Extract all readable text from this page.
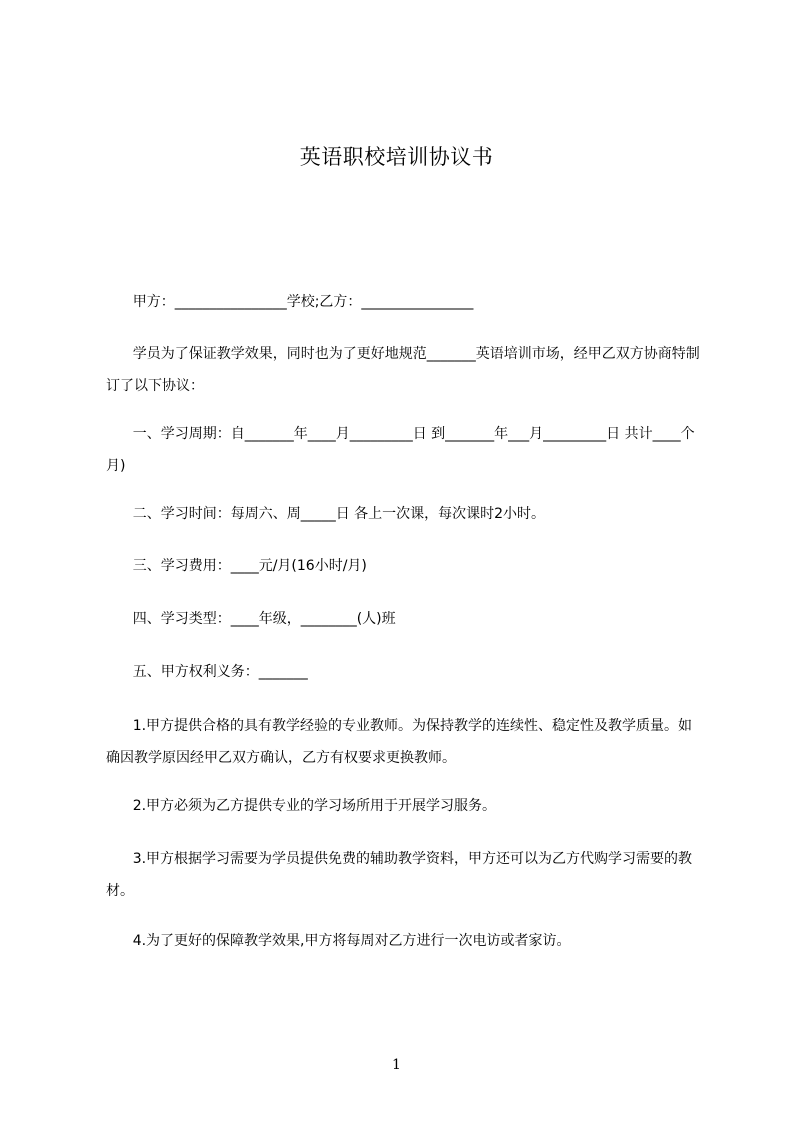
英语职校培训协议书
甲方：________________学校;乙方：________________
学员为了保证教学效果，同时也为了更好地规范_______英语培训市场，经甲乙双方协商特制订了以下协议：
一、学习周期：自_______年____月_________日 到_______年___月_________日 共计____个月)
二、学习时间：每周六、周_____日 各上一次课，每次课时2小时。
三、学习费用：____元/月(16小时/月)
四、学习类型：____年级，________(人)班
五、甲方权利义务：_______
1.甲方提供合格的具有教学经验的专业教师。为保持教学的连续性、稳定性及教学质量。如确因教学原因经甲乙双方确认，乙方有权要求更换教师。
2.甲方必须为乙方提供专业的学习场所用于开展学习服务。
3.甲方根据学习需要为学员提供免费的辅助教学资料，甲方还可以为乙方代购学习需要的教材。
4.为了更好的保障教学效果,甲方将每周对乙方进行一次电访或者家访。
1
